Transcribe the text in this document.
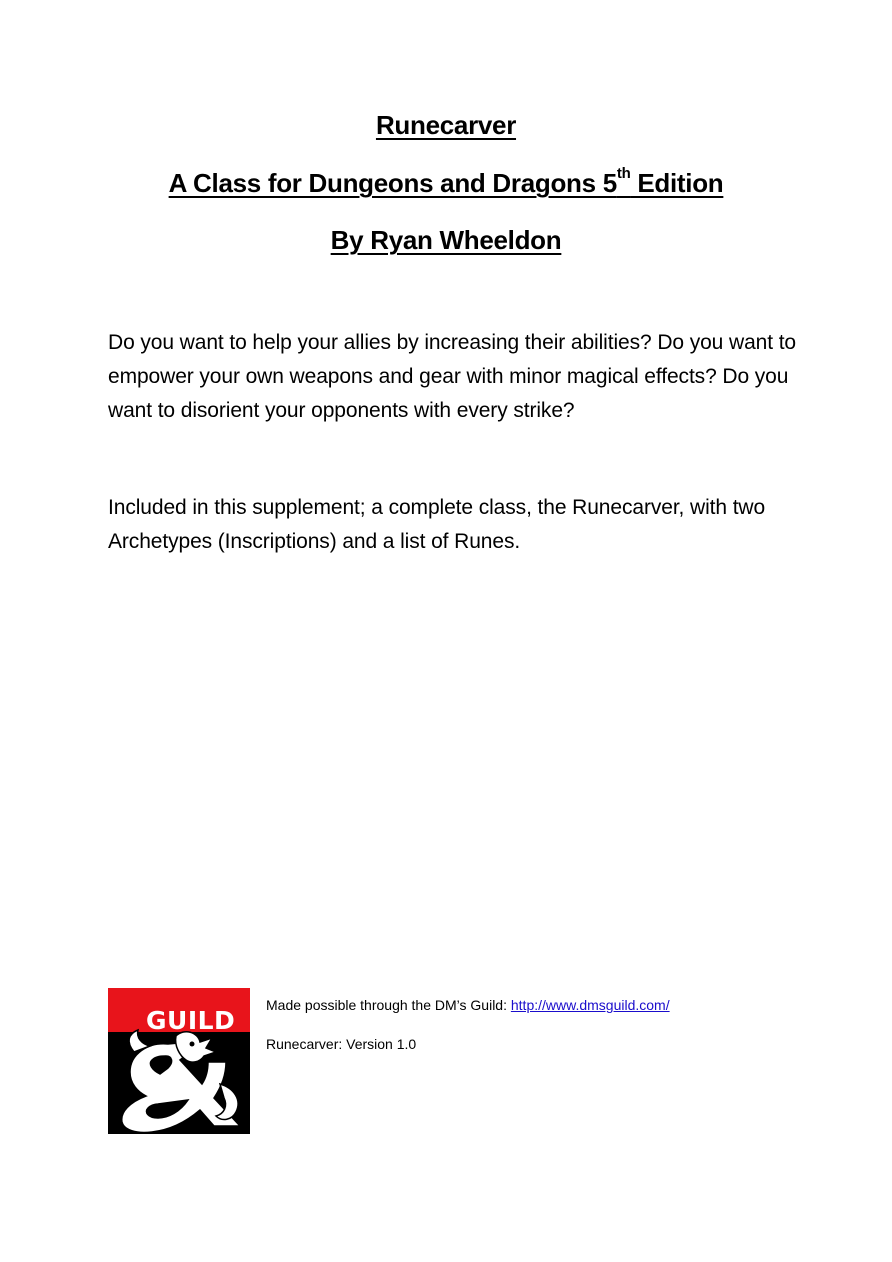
Runecarver
A Class for Dungeons and Dragons 5th Edition
By Ryan Wheeldon
Do you want to help your allies by increasing their abilities? Do you want to empower your own weapons and gear with minor magical effects? Do you want to disorient your opponents with every strike?
Included in this supplement; a complete class, the Runecarver, with two Archetypes (Inscriptions) and a list of Runes.
GUILD
Made possible through the DM’s Guild: http://www.dmsguild.com/
Runecarver: Version 1.0
